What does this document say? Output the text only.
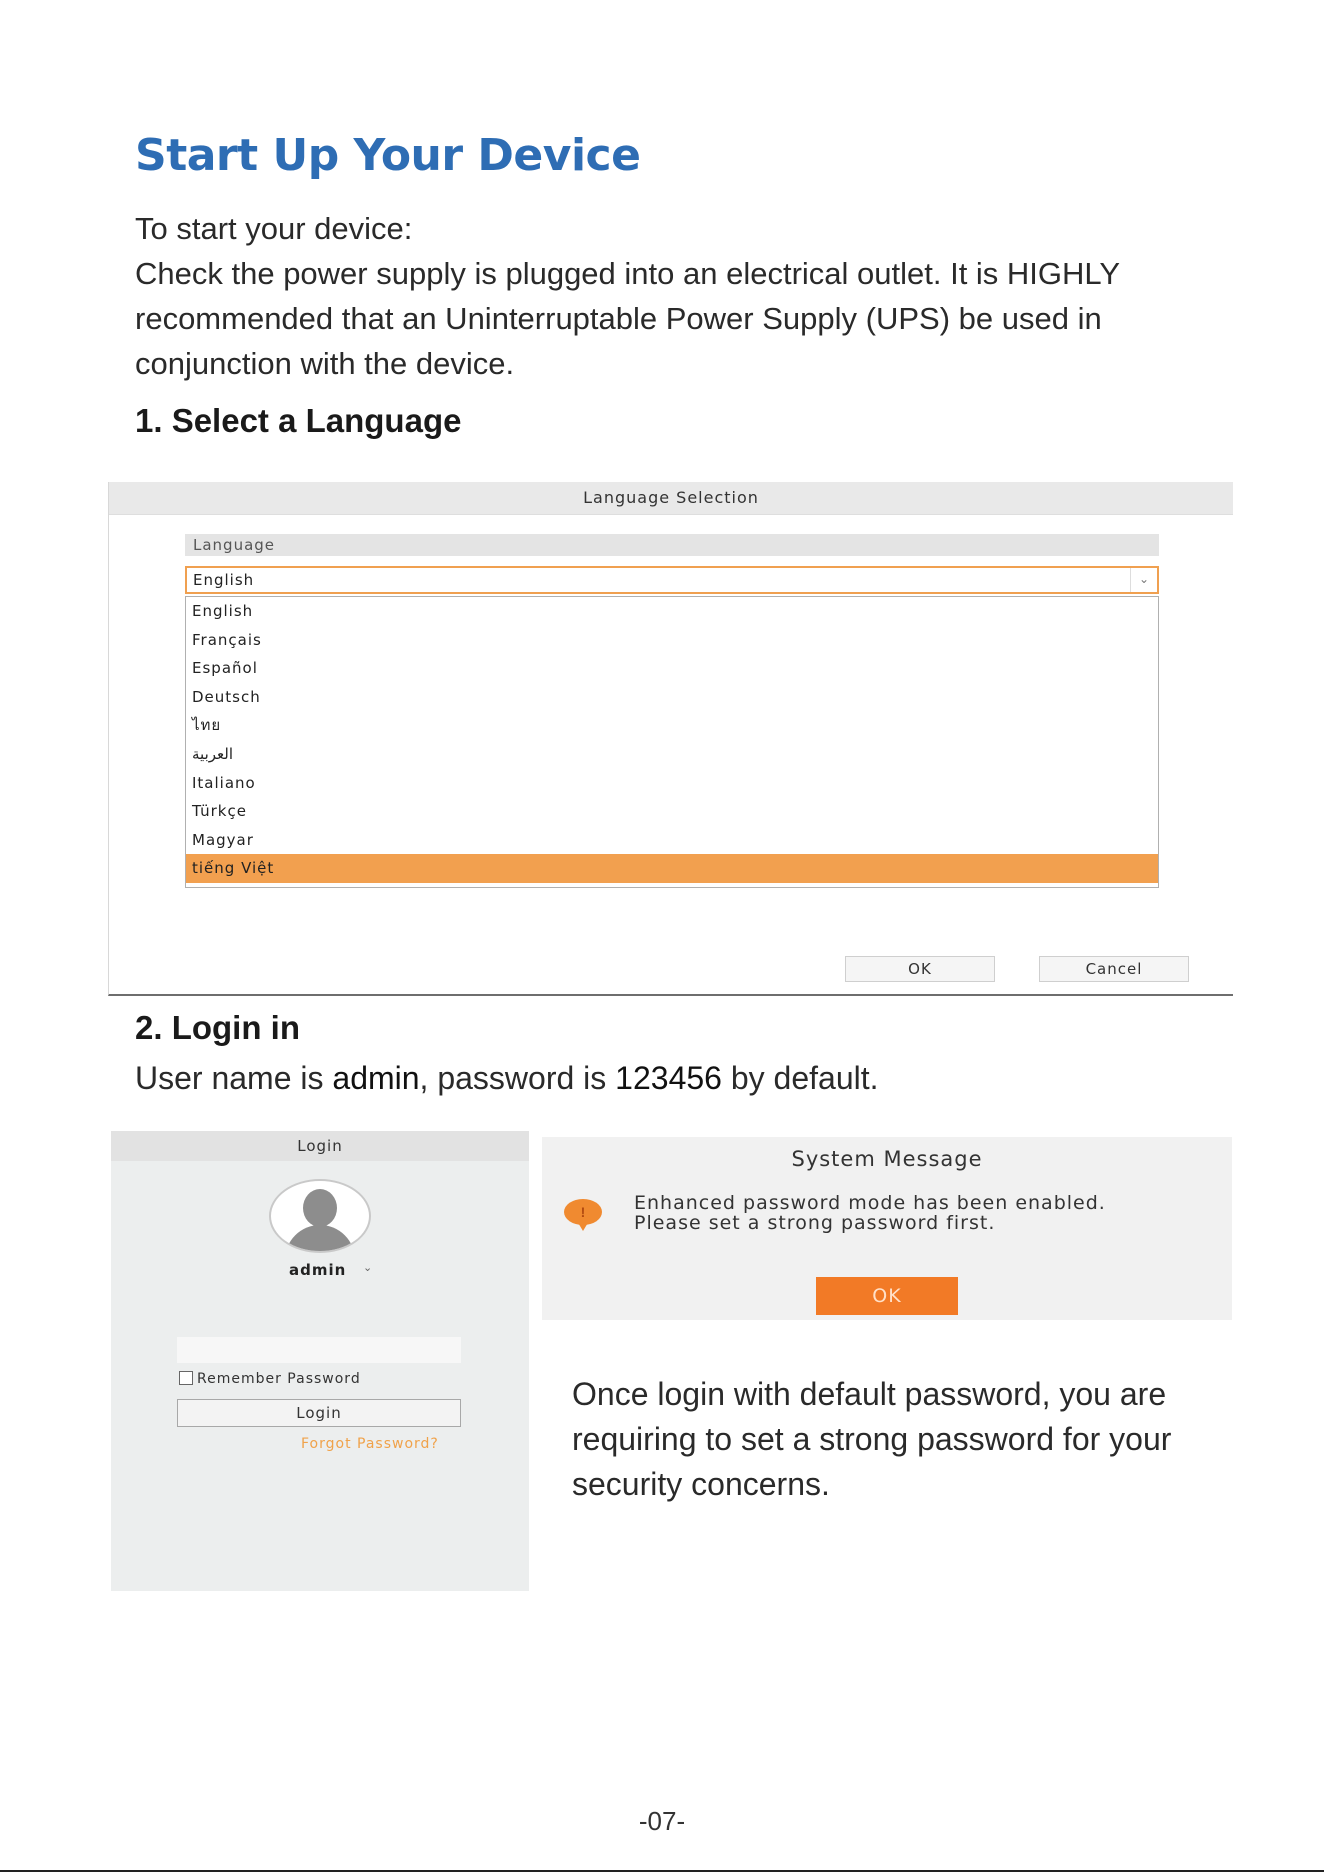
Start Up Your Device

To start your device:

Check the power supply is plugged into an electrical outlet. It is HIGHLY recommended that an Uninterruptable Power Supply (UPS) be used in conjunction with the device.

1. Select a Language
Language Selection
Language
English	⌄
English
Français
Español
Deutsch
ไทย
العربية
Italiano
Türkçe
Magyar
tiếng Việt
OK	Cancel
2. Login in

User name is admin, password is 123456 by default.

Login
admin ⌄
Remember Password
Login
Forgot Password?
System Message
!	Enhanced password mode has been enabled. Please set a strong password first.
OK

Once login with default password, you are requiring to set a strong password for your security concerns.

-07-
